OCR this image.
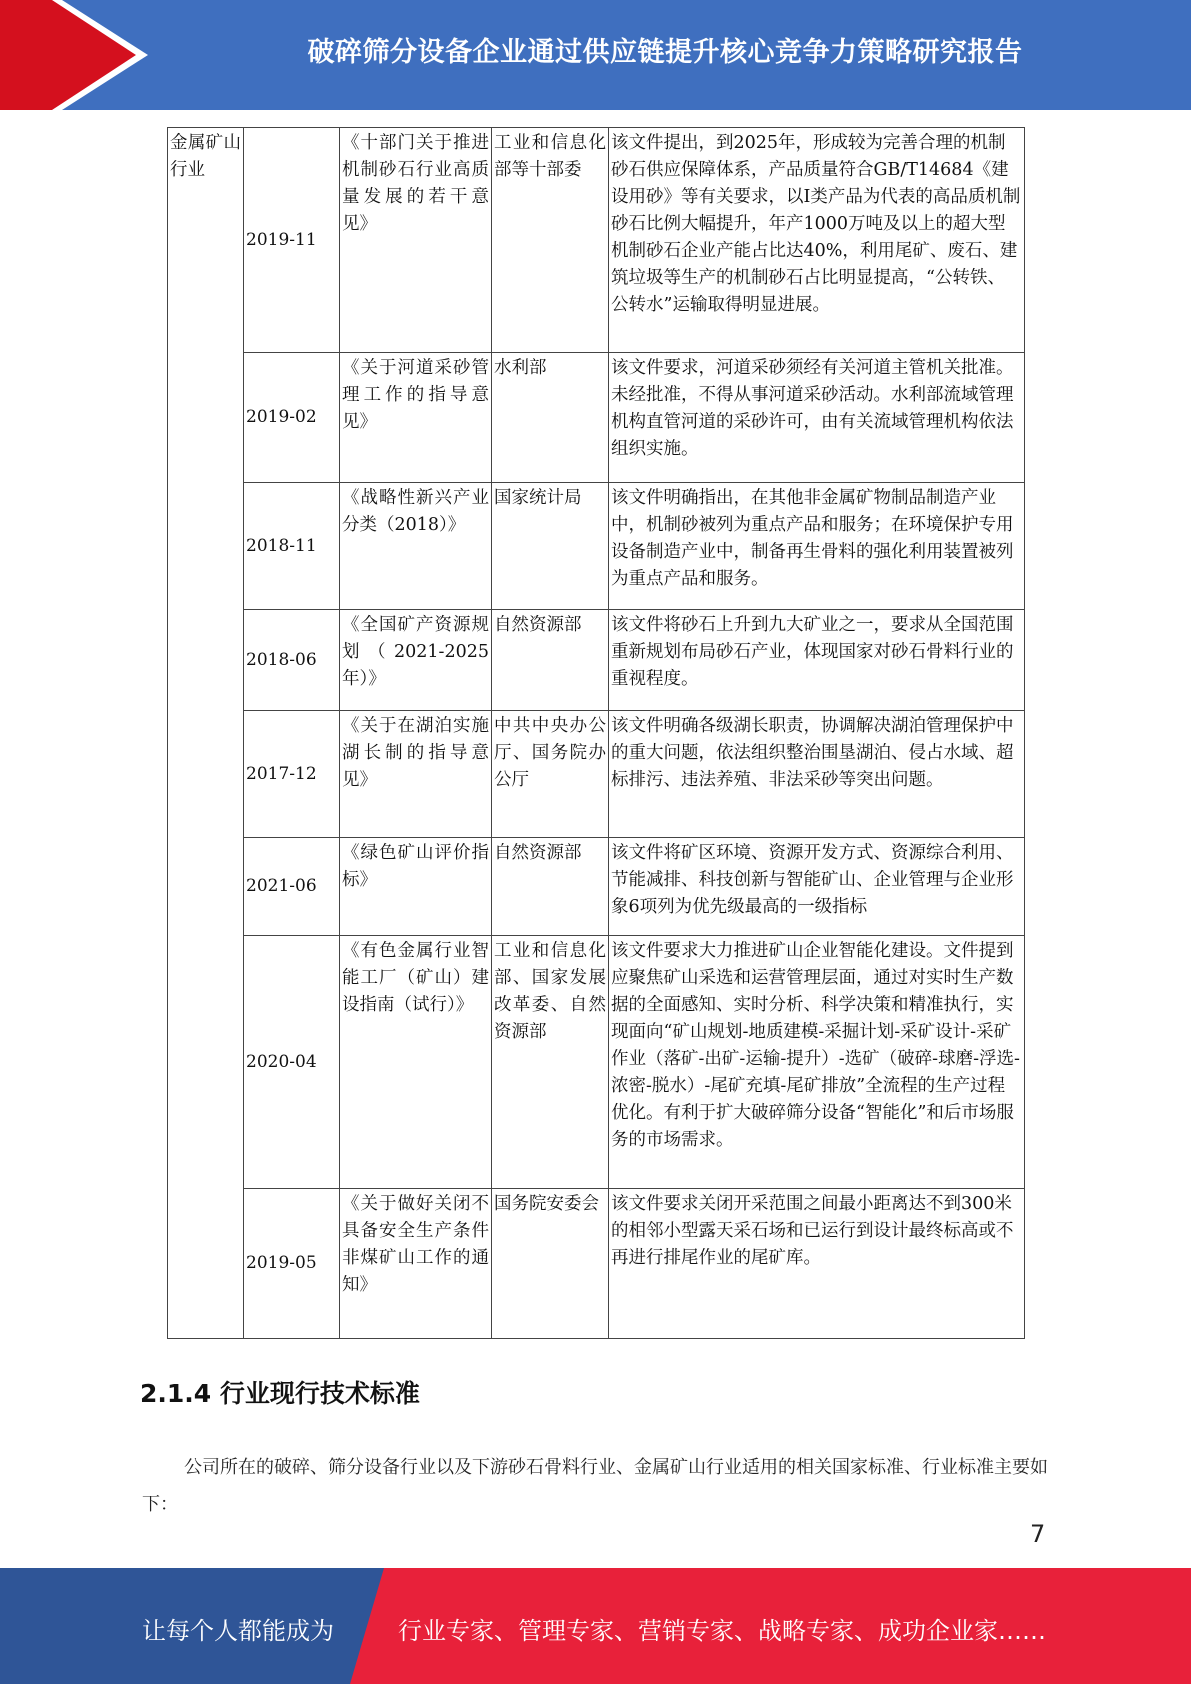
破碎筛分设备企业通过供应链提升核心竞争力策略研究报告
金属矿山行业	2019-11	《十部门关于推进机制砂石行业高质量发展的若干意见》	工业和信息化部等十部委	该文件提出，到2025年，形成较为完善合理的机制砂石供应保障体系，产品质量符合GB/T14684《建设用砂》等有关要求，以Ⅰ类产品为代表的高品质机制砂石比例大幅提升，年产1000万吨及以上的超大型机制砂石企业产能占比达40%，利用尾矿、废石、建筑垃圾等生产的机制砂石占比明显提高，“公转铁、公转水”运输取得明显进展。
	2019-02	《关于河道采砂管理工作的指导意见》	水利部	该文件要求，河道采砂须经有关河道主管机关批准。未经批准，不得从事河道采砂活动。水利部流域管理机构直管河道的采砂许可，由有关流域管理机构依法组织实施。
	2018-11	《战略性新兴产业分类（2018）》	国家统计局	该文件明确指出，在其他非金属矿物制品制造产业中，机制砂被列为重点产品和服务；在环境保护专用设备制造产业中，制备再生骨料的强化利用装置被列为重点产品和服务。
	2018-06	《全国矿产资源规划（2021-2025年）》	自然资源部	该文件将砂石上升到九大矿业之一，要求从全国范围重新规划布局砂石产业，体现国家对砂石骨料行业的重视程度。
	2017-12	《关于在湖泊实施湖长制的指导意见》	中共中央办公厅、国务院办公厅	该文件明确各级湖长职责，协调解决湖泊管理保护中的重大问题，依法组织整治围垦湖泊、侵占水域、超标排污、违法养殖、非法采砂等突出问题。
	2021-06	《绿色矿山评价指标》	自然资源部	该文件将矿区环境、资源开发方式、资源综合利用、节能减排、科技创新与智能矿山、企业管理与企业形象6项列为优先级最高的一级指标
	2020-04	《有色金属行业智能工厂（矿山）建设指南（试行）》	工业和信息化部、国家发展改革委、自然资源部	该文件要求大力推进矿山企业智能化建设。文件提到应聚焦矿山采选和运营管理层面，通过对实时生产数据的全面感知、实时分析、科学决策和精准执行，实现面向“矿山规划-地质建模-采掘计划-采矿设计-采矿作业（落矿-出矿-运输-提升）-选矿（破碎-球磨-浮选-浓密-脱水）-尾矿充填-尾矿排放”全流程的生产过程优化。有利于扩大破碎筛分设备“智能化”和后市场服务的市场需求。
	2019-05	《关于做好关闭不具备安全生产条件非煤矿山工作的通知》	国务院安委会	该文件要求关闭开采范围之间最小距离达不到300米的相邻小型露天采石场和已运行到设计最终标高或不再进行排尾作业的尾矿库。
2.1.4 行业现行技术标准
公司所在的破碎、筛分设备行业以及下游砂石骨料行业、金属矿山行业适用的相关国家标准、行业标准主要如下：
7
让每个人都能成为	行业专家、管理专家、营销专家、战略专家、成功企业家……
